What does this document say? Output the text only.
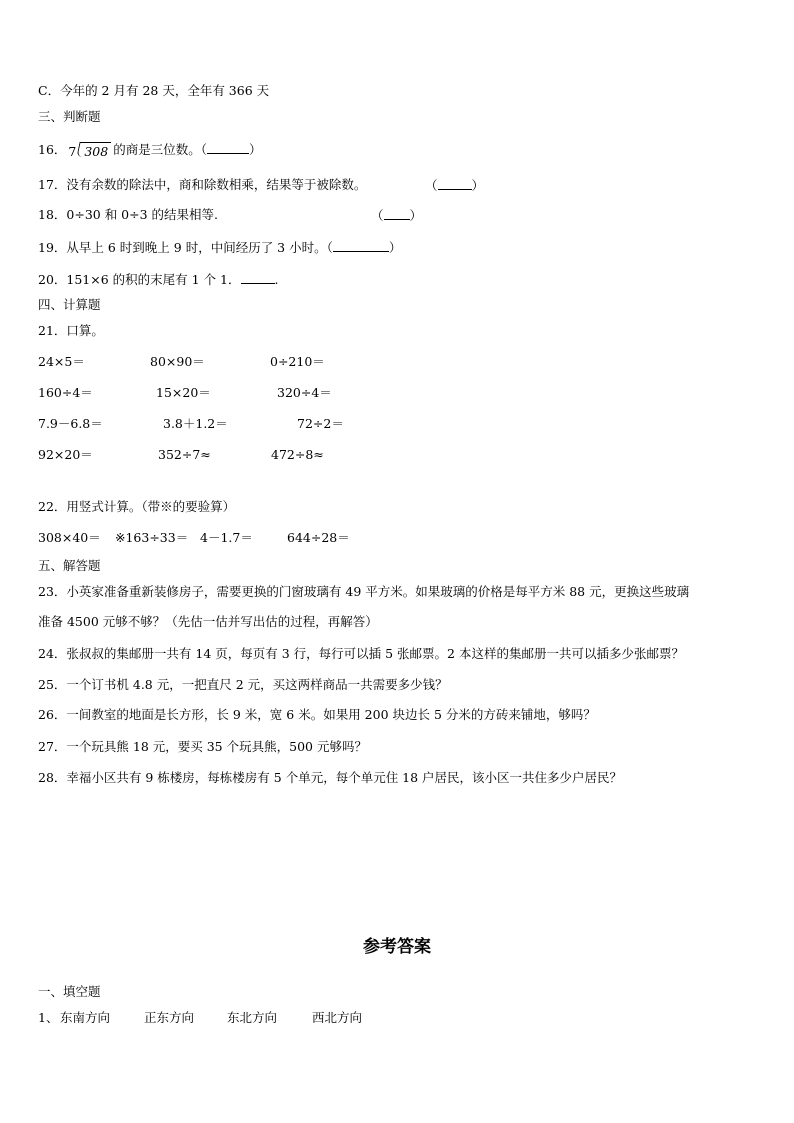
C．今年的 2 月有 28 天，全年有 366 天
三、判断题
16． 7 308 的商是三位数。（	）
17．没有余数的除法中，商和除数相乘，结果等于被除数。	（	）
18．0÷30 和 0÷3 的结果相等.	（ ）
19．从早上 6 时到晚上 9 时，中间经历了 3 小时。（	）
20．151×6 的积的末尾有 1 个 1．	.
四、计算题
21．口算。
24×5＝	80×90＝	0÷210＝
160÷4＝	15×20＝	320÷4＝
7.9－6.8＝	3.8＋1.2＝	72÷2＝
92×20＝	352÷7≈	472÷8≈
22．用竖式计算。（带※的要验算）
308×40＝ ※163÷33＝ 4－1.7＝	644÷28＝
五、解答题
23．小英家准备重新装修房子，需要更换的门窗玻璃有 49 平方米。如果玻璃的价格是每平方米 88 元，更换这些玻璃
准备 4500 元够不够？（先估一估并写出估的过程，再解答）
24．张叔叔的集邮册一共有 14 页，每页有 3 行，每行可以插 5 张邮票。2 本这样的集邮册一共可以插多少张邮票？
25．一个订书机 4.8 元，一把直尺 2 元，买这两样商品一共需要多少钱？
26．一间教室的地面是长方形，长 9 米，宽 6 米。如果用 200 块边长 5 分米的方砖来铺地，够吗？
27．一个玩具熊 18 元，要买 35 个玩具熊，500 元够吗？
28．幸福小区共有 9 栋楼房，每栋楼房有 5 个单元，每个单元住 18 户居民，该小区一共住多少户居民？
参考答案
一、填空题
1、 东南方向	正东方向	东北方向	西北方向
